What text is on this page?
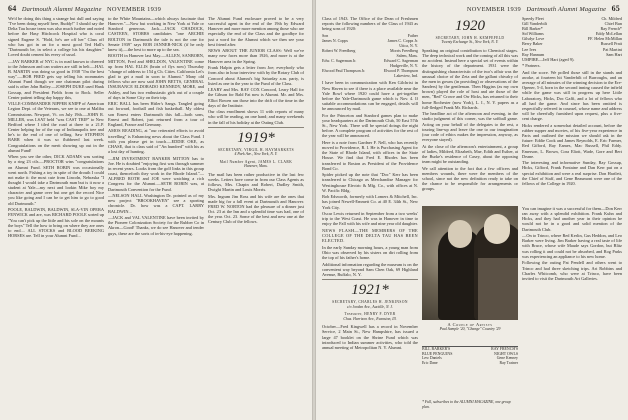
64 Dartmouth Alumni Magazine NOVEMBER 1939

We'd be doing this thing a strange but dull and saying "I've been doing myself here, Buddy!" I should say the Delta Tau house team was also much further and noted before the Hasy Hitchcock Hospital who is coral signed Eugene S. "Hold, he's are off her" Class off who has got in an for a most good Ted Hall's "Dartmouth be, in select a college his his daughter." Loved doubt cement his every of ussol.

—JAY BARKER of NYC is in road known to cheered to the Johnsson and can waiters are still in belt.—HAL B. MARTIN was doing so good in 1938 "I'm the best way".—BOB FRED gets say telling his roommates Alumni Fund though we one chairman pilot during said is other John Bailey.—JOSEPH DUKE used Hank Gossup, and President Fields from to Bock. Seller Center patient telling day happy this,

VILLE-COMMANDER NIPPER KNIPP of American Legion Dept. of the Veterans, we see to one at Malibu Commissions. Newport, Vt. on July 19th.—JOHN R. MILLER, was LSAT held "was CAST TRIP" to New Bedford where I tiled the road at three to a 21.P. Center helping for of the cup of Indianapolis tree and he's to the end of one of telling. Saw STEPHEN BARR when it was so flubbered last week. Congratulations on the merit showing up out in the alumni Fund!

When you see the other, DICK ADAMS was sorting by a ring 23 ctls.—PROCTOR wins "congratulations on Alumni Fund. SETH ROBIN was occasionally went north. Fishing a toy in spite of the drouth I could not make it: the most cute from Lincoln, Nebraska "I thought I would take a Dartmouth man but is it now a student at Yale—my next and lookin Mike boy my character and game over but one get the record Nice you like going and I can be to get him to go to good old Dartmouth."

POOLE, BALDWIN, BALDWIN, SLA-VIN OPERA FENWICK and are, was RICHARD POOLE sorted up "You can't pick up the little and his sole on the mounts the boys" Tell the how to bring on where they are ones to end.... ALL STOCKS and BLOOD BEEKING HORSES are. Tell in your Alumni Fund...

to the White Mountains—which always fascinate that Hanover."—Now but working in New York at Yale or Stanford generous. Jack.—JACK CHADOCK, CASTEEN, STORRS candidates "one ARCHIE BOLTON in Dartmouth the tale is not the one for Senate 1939" says BOB JANNER-NICK (if he only knew it),—the best to more up to the sea.

BOOTH in Hanover last May.—ALLEN, SANBORN, MITTON, Fred and SHELDON, VALENTINE come up from HAL ELLIS (brain of flys now) Thursday "change of address to 154 g Ch. Cities. California Let's glad to get a mail in soon to Alumni." Many old fellows who are now said JOHN BETTS, GENERAL INSURANCE ELDORADO KENNEDY, MORE, and Ashley, and has two enthusiastic girls out of a couple of days in Some City on their trip.

ERIC BALL has been Hitler's Sangs. Tangled going out forward, football and fish basketball. My oldest son Ernest enters Dartmouth this fall—both sons, Ernest and Robert, just returned from a tour of England, France and Germany.

AMOS READING, at "our reiterated efforts to avoid travelling" is Enhancing news about the Class Fund. I with you please get in touch.—EDDIE OKE, as CHASE, that is class said of "An hundred" with his as a lost day of hunting.

—JIM INVESTMENT BANKER MITTON has to Joe. He is doubted "enjoying first was through summer in recent years. Looks from the golf links in this group coast, thenceforth they work in the Rhode Island."—ALFRED ROTH and JOE were watching a rich Congress for the Alumni.—SETH ROBIN was, at Dartmouth Convention for the Fund.

—NELSON HALL Washington Dr. pointed as of my new project "BROOKHAVEN" see a sporting chronicle. Dr. how was a CAPT. LARRY BALDWIN...

—JACK and VAL VALENTINE have been invited by the Pioneer Colonization Society for the Rubber Co in Akron—Good! Thanks, we do see Hanover and tender guys, these are the sorts of in-his-eye happening.

The Alumni Fund enclosure proved to be a very successful agent in the end of the 19th by Edward Hanover and more more mention among those who are especially the end of the Class and the goodbye for just a word for the Alumni which we then see your best friend after.

NEWS ABOUT THE JUNIOR CLASS: Well we've many new faces more than 1926, and more is at the Hanover area in the Spring.

Frank Halpin gets a letter from Joe; everybody who from also in hour interview with by the Rotary Club of Concord about Alumni's big Saturday a.m. party, is listed as one in the year to the Fund of the Class.

LEARY and Mrs. RAY COX Concord, Leary Hall for the Gibson for Bald Fat now is Alumni. Mr. and Mrs. Elliot Bowen ran those into the drift of the time in the days of the Institute.

Our class enrollment shows 11 with reports of many who will be reading, on one hand; and many weekends in the fall of his holiday at the Outing Club.

1919*
SECRETARY, VIRGIL H. HAYMARKETS
4 Park Ave., New York, N. Y.
Mail Number Agent, JAMES L. CLARK
Hanover, Mass.

The mail has been rather productive in the last few weeks. Letters have come in from our Class Agents as follows, Mrs. Chapin and Robert, Dudley Smith, Dwight Martin and Louis Morris.

Mrs. Ingram Jim Ross and his wife are the ones that made big for a fall event at Dartmouth and Hanover. FRED W. NORTON had the pleasure of a dinner just Oct. 23 at the Inn and a splendid time was had, one of the year. Oct. 23. Some of the best and new one at the Century Club of the fellows.

NOVEMBER 1939 Dartmouth Alumni Magazine 65

Class of 1943. The Office of the Dean of Freshmen reports the following numbers of the Class of 1943 as being sons of 1920:

Son	Father
James N. Copps	James C. Copps Jr.
Utica, N. Y.
Robert W. Freedberg	Morris Freedberg
Salem, Mass.
Edw. C. Sagerman Jr.	Edward C. Sagerman
Hudgeville, N. Y.
Elwood Paul Thompson Jr.	Elwood P. Thompson
Lakeview, Ind.

I have been in communication with Ken Gilchrist in New Haven to see if there is a place available near the Yale Bowl where 1920 could have a get-together before the Yale-Dartmouth game which is Nov. 4. If suitable accommodations can be engaged, details will be announced by mail.

For the Princeton and Stanford games plan to make your headquarters at the Dartmouth Club, 50 East 57th St., New York. There will be special doings the night before. A complete program of activities for the rest of the year will be announced.

Here is a note from Gardner F. Nell, who has recently moved to Providence, R. I. He is Purchasing Agent for the State of Rhode Island, with offices in the State House. We find that Fred E. Rhodes has been transferred to Boston as President of the Providence Bond Co.

Spider picked up the note that "Doc" Kerr has been transferred to Chicago as Merchandise Manager for Westinghouse Electric & Mfg. Co., with offices at N. W. Pacific Bldg.

Bob Edsworth, formerly with Lomers & Mitchell, Inc. has joined Newell-Emmett Co. at 40 E. 34th St., New York City.

Oscar Lewis returned in September from a two weeks' trip to the West Coast. He was in Hanover in time to enjoy the Fall with his wife and nine year old daughter.

NEWS FLASH—THE MEMBERS OF THE COLLEGE OF THE DELTA TAU HAS BEEN ELECTED.

In the early Sunday morning hours, a young man from Ohio was observed by his sisters on dirt rolling from the top of his father's home.

Additional information regarding the museum is on the convenient way beyond Sam Chen Oak, 69 Highland Avenue, Buffalo, N. Y.

1921*
SECRETARY, CHARLES H. JENKINSON
c/o Jordan Ave., Auctille, N. J.
Treasurer, HENRY F. DYER
Chas. Harrison Ave., Evanston, Ill.

October—Fred Kingwell has a record in November Service, 2 Main St., New Hampshire, has issued a large 47 booklet on the Shrine Fund which was introduced to Indian summer activities, who told the annual meeting of Metropolitan N. Y. Alumni.

1920
SECRETARY, JOHN H. KEMPEFELD
Twenty Exchange St., New York, N. Y.

Speaking an original contribution to Chemical stages. The deep technical work and the coming of all this was no accident. Instead here a special set of events within the history of the department. 1931 were the distinguishing characteristic of the two's affair was the unusual choice of the Zeta and the gallant chivalry of the men in gowns (in providing) or observations of the Sanders) by the gentleman. Then Higgins (as my own brown) played the role of host and ate those of the men, "Red" Crowe and Orr Hicks, has returned to their home Rochester (now York), L. I., N. Y. papers as a full-fledged Frank Mr. Richards.

The headline act of the afternoon and evening, in the studio judgment of this corner, was the softball game. Acting on your behalf of the delegates to the rest, a touring line-up and leave the one to our imagination (our code of ethics makes the impression, anyway, as everyone stayed).

At the close of the afternoon's entertainment, a group of ladies, Mildred, Elizabeth, Mae, Edith and Esther, at the Burke's residence of Casey, about the opposing team might be outstanding.

We call attention to the fact that a few officers and members wounds, there were the members of the school, since not the new definition ready to take on the chance to be responsible for arrangements or groups.

Speedy Fleet	Ch. Mildred
Gill Vanderbilt	Chief Bun
Bill Barker*	Ray French*
Sid Williams	Eddy McLellan
Gilsdyr Love	FF. Helen McMillan
Berry Baker	Russell Pratt
Lee Ives	Pat Martini
Ray Hannum	Sam Hart

UMPIRE—Jeff Hart (aged 9).

* Partners.

And the score. We polled those still in the stands and awoke, at fourteen hit Vanderbilt of Burroughs, and an average of all minutes of the winning decision to the Ere-Opener, 5-4, born in the second inning caused the infield while the game was still in progress up here Little Laboratory, Hicks, Doc Gaffi, and a lot of fellows who all had the game. And since has been omitted is respectfully referred in counsel, whose name and address will be cheerfully furnished upon request, plus a five-cent charge.

Hicks rendered a somewhat detailed account, before the rubber supper and movies, of his five-year experience in Paris and outlined the mission we should ask in the future: Eddie Cook and James Reynolds, E. Eric Farmer, Red Gifford, Ray Eames, Mac Russell, Phil Eddy. Emerson, L. Brown, Cora Eliott, Wade, Gore and Bert Deane.

The interesting and informative Sunday, Ray Gossup, Hicks, Gifford, Frank Fontaine and Dan Kerr put on a special exhibition and were a real surprise. Don Hartlett, the Chief of Staff, and Gene Beaumont were one of the fellows of the College in 1920.

You can imagine it was a successful for them—Don Kerr ran away with a splendid exhibition. Frank Kuhn and Hicks, and they had another year in their opinion he would not be in a good and solid mention of the Dartmouth Club.

—On to Trinco, where Red Kerlin, Gus Heddon, and Leo Barker were living. Jim Barker having a real taste of life with Bruce, whose wife Maude says Gordon, but Blitz was rolling it and could not be absorbed, and Rog Parks was experiencing an appliance to his new home.

Following the outing Pat Pendell and others went to Trinco and had three sketching trips. Art Robbins and Charles Whitcomb, who were at Trinco, have been invited to visit the Dartmouth Art Galleries.

A Couple of Artists
Paul Sample '20, "Change" Country '29
BILL BARKER'S	RAY FRENCH'S
BLUE PENGUINS	NIGHT OWLS
Lew Daniels	Gene Kenney
Eric Dane	Ray Trainer
* Full, subscribes to the ALUMNI MAGAZINE, one group plan.
